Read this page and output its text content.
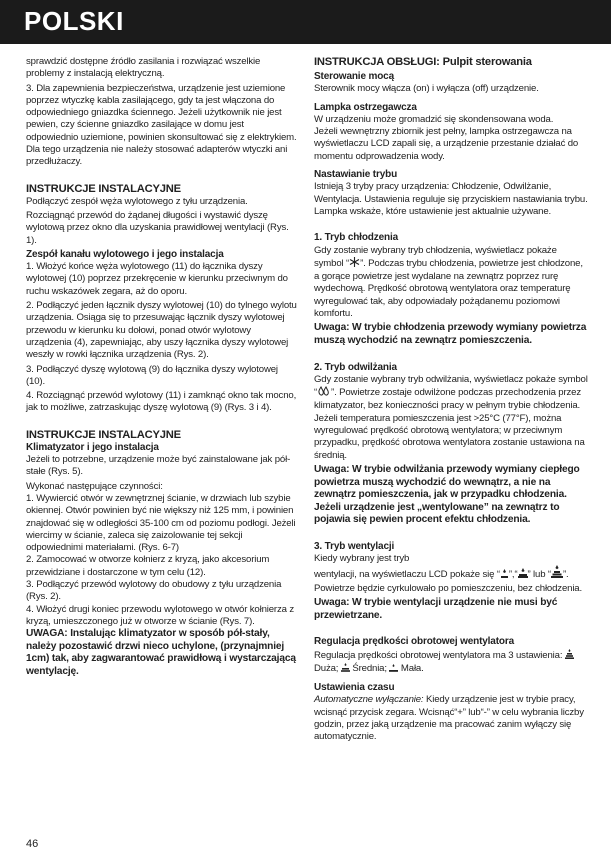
POLSKI

sprawdzić dostępne źródło zasilania i rozwiązać wszelkie problemy z instalacją elektryczną.

3. Dla zapewnienia bezpieczeństwa, urządzenie jest uziemione poprzez wtyczkę kabla zasilającego, gdy ta jest włączona do odpowiedniego gniazdka ściennego. Jeżeli użytkownik nie jest pewien, czy ścienne gniazdko zasilające w domu jest odpowiednio uziemione, powinien skonsultować się z elektrykiem. Dla tego urządzenia nie należy stosować adapterów wtyczki ani przedłużaczy.

INSTRUKCJE INSTALACYJNE

Podłączyć zespół węża wylotowego z tyłu urządzenia.

Rozciągnąć przewód do żądanej długości i wystawić dyszę wylotową przez okno dla uzyskania prawidłowej wentylacji (Rys. 1).

Zespół kanału wylotowego i jego instalacja

1. Włożyć końce węża wylotowego (11) do łącznika dyszy wylotowej (10) poprzez przekręcenie w kierunku przeciwnym do ruchu wskazówek zegara, aż do oporu.

2. Podłączyć jeden łącznik dyszy wylotowej (10) do tylnego wylotu urządzenia. Osiąga się to przesuwając łącznik dyszy wylotowej przewodu w kierunku ku dołowi, ponad otwór wylotowy urządzenia (4), zapewniając, aby uszy łącznika dyszy wylotowej weszły w rowki łącznika urządzenia (Rys. 2).

3. Podłączyć dyszę wylotową (9) do łącznika dyszy wylotowej (10).

4. Rozciągnąć przewód wylotowy (11) i zamknąć okno tak mocno, jak to możliwe, zatrzaskując dyszę wylotową (9) (Rys. 3 i 4).

INSTRUKCJE INSTALACYJNE
Klimatyzator i jego instalacja

Jeżeli to potrzebne, urządzenie może być zainstalowane jak pół-stałe (Rys. 5).

Wykonać następujące czynności:

1. Wywiercić otwór w zewnętrznej ścianie, w drzwiach lub szybie okiennej. Otwór powinien być nie większy niż 125 mm, i powinien znajdować się w odległości 35-100 cm od poziomu podłogi. Jeżeli wiercimy w ścianie, zaleca się zaizolowanie tej sekcji odpowiednimi materiałami. (Rys. 6-7)

2. Zamocować w otworze kołnierz z kryzą, jako akcesorium przewidziane i dostarczone w tym celu (12).

3. Podłączyć przewód wylotowy do obudowy z tyłu urządzenia (Rys. 2).

4. Włożyć drugi koniec przewodu wylotowego w otwór kołnierza z kryzą, umieszczonego już w otworze w ścianie (Rys. 7).

UWAGA: Instalując klimatyzator w sposób pół-stały, należy pozostawić drzwi nieco uchylone, (przynajmniej 1cm) tak, aby zagwarantować prawidłową i wystarczającą wentylację.

INSTRUKCJA OBSŁUGI: Pulpit sterowania
Sterowanie mocą

Sterownik mocy włącza (on) i wyłącza (off) urządzenie.

Lampka ostrzegawcza

W urządzeniu może gromadzić się skondensowana woda.

Jeżeli wewnętrzny zbiornik jest pełny, lampka ostrzegawcza na wyświetlaczu LCD zapali się, a urządzenie przestanie działać do momentu odprowadzenia wody.

Nastawianie trybu

Istnieją 3 tryby pracy urządzenia: Chłodzenie, Odwilżanie, Wentylacja. Ustawienia reguluje się przyciskiem nastawiania trybu. Lampka wskaże, które ustawienie jest aktualnie używane.

1. Tryb chłodzenia

Gdy zostanie wybrany tryb chłodzenia, wyświetlacz pokaże symbol “ ”. Podczas trybu chłodzenia, powietrze jest chłodzone, a gorące powietrze jest wydalane na zewnątrz poprzez rurę wydechową. Prędkość obrotową wentylatora oraz temperaturę wyregulować tak, aby odpowiadały pożądanemu poziomowi komfortu.

Uwaga: W trybie chłodzenia przewody wymiany powietrza muszą wychodzić na zewnątrz pomieszczenia.

2. Tryb odwilżania

Gdy zostanie wybrany tryb odwilżania, wyświetlacz pokaże symbol “ ”. Powietrze zostaje odwilżone podczas przechodzenia przez klimatyzator, bez konieczności pracy w pełnym trybie chłodzenia. Jeżeli temperatura pomieszczenia jest >25°C (77°F), można wyregulować prędkość obrotową wentylatora; w przeciwnym przypadku, prędkość obrotowa wentylatora zostanie ustawiona na średnią.

Uwaga: W trybie odwilżania przewody wymiany ciepłego powietrza muszą wychodzić do wewnątrz, a nie na zewnątrz pomieszczenia, jak w przypadku chłodzenia. Jeżeli urządzenie jest „wentylowane” na zewnątrz to pojawia się pewien procent efektu chłodzenia.

3. Tryb wentylacji

Kiedy wybrany jest tryb
wentylacji, na wyświetlaczu LCD pokaże się “ ”,“ ” lub “ ”.

Powietrze będzie cyrkulowało po pomieszczeniu, bez chłodzenia.

Uwaga: W trybie wentylacji urządzenie nie musi być przewietrzane.

Regulacja prędkości obrotowej wentylatora

Regulacja prędkości obrotowej wentylatora ma 3 ustawienia:
Duża; Średnia; Mała.

Ustawienia czasu

Automatyczne wyłączanie: Kiedy urządzenie jest w trybie pracy, wcisnąć przycisk zegara. Wcisnąć“+” lub“-” w celu wybrania liczby godzin, przez jaką urządzenie ma pracować zanim wyłączy się automatycznie.

46
